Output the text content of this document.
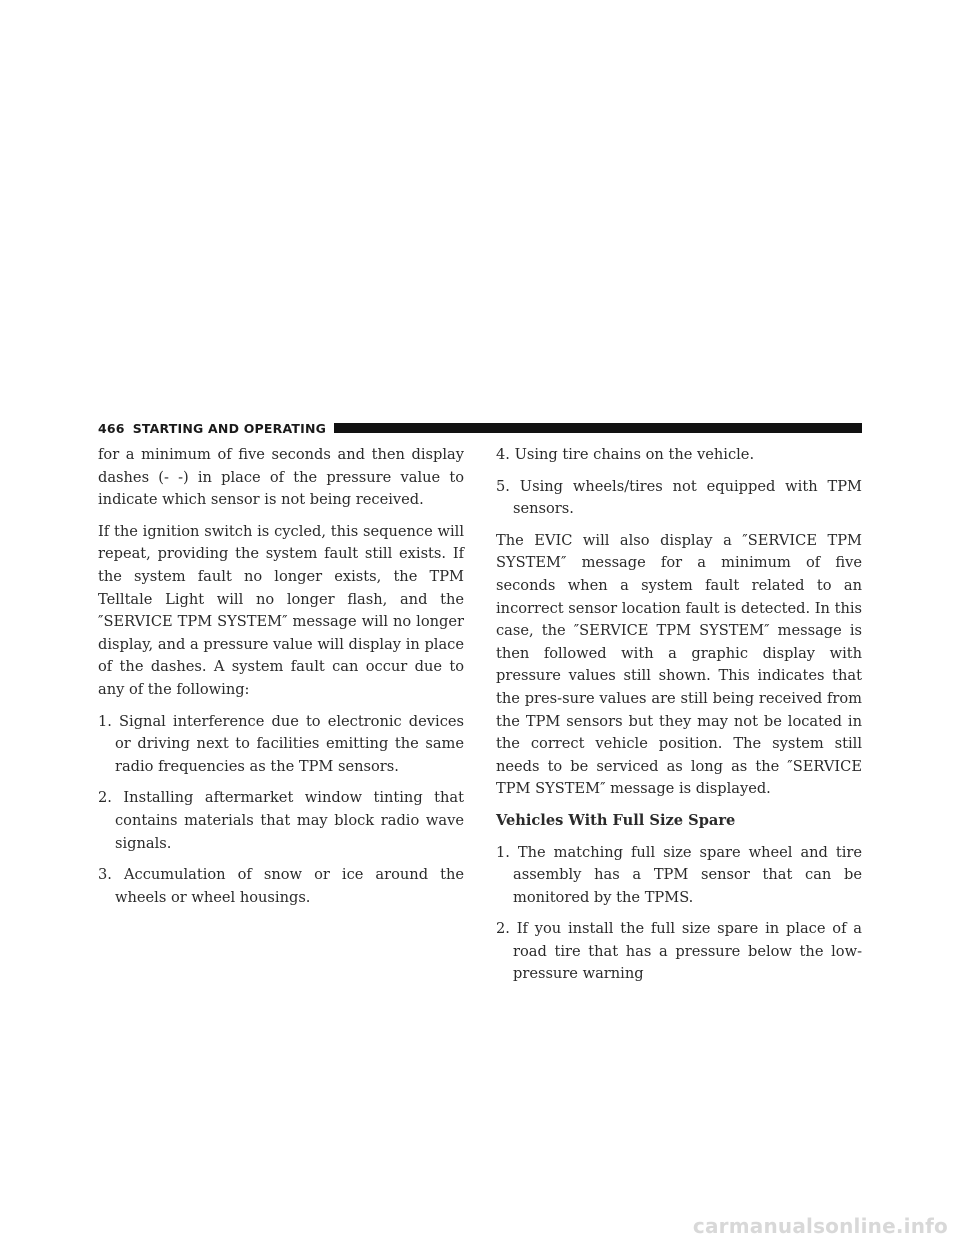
466 STARTING AND OPERATING

for a minimum of five seconds and then display dashes (- -) in place of the pressure value to indicate which sensor is not being received.

If the ignition switch is cycled, this sequence will repeat, providing the system fault still exists. If the system fault no longer exists, the TPM Telltale Light will no longer flash, and the ″SERVICE TPM SYSTEM″ message will no longer display, and a pressure value will display in place of the dashes. A system fault can occur due to any of the following:

1. Signal interference due to electronic devices or driving next to facilities emitting the same radio frequencies as the TPM sensors.
2. Installing aftermarket window tinting that contains materials that may block radio wave signals.
3. Accumulation of snow or ice around the wheels or wheel housings.
4. Using tire chains on the vehicle.
5. Using wheels/tires not equipped with TPM sensors.

The EVIC will also display a ″SERVICE TPM SYSTEM″ message for a minimum of five seconds when a system fault related to an incorrect sensor location fault is detected. In this case, the ″SERVICE TPM SYSTEM″ message is then followed with a graphic display with pressure values still shown. This indicates that the pres-sure values are still being received from the TPM sensors but they may not be located in the correct vehicle position. The system still needs to be serviced as long as the ″SERVICE TPM SYSTEM″ message is displayed.

Vehicles With Full Size Spare
1. The matching full size spare wheel and tire assembly has a TPM sensor that can be monitored by the TPMS.
2. If you install the full size spare in place of a road tire that has a pressure below the low-pressure warning
carmanualsonline.info
